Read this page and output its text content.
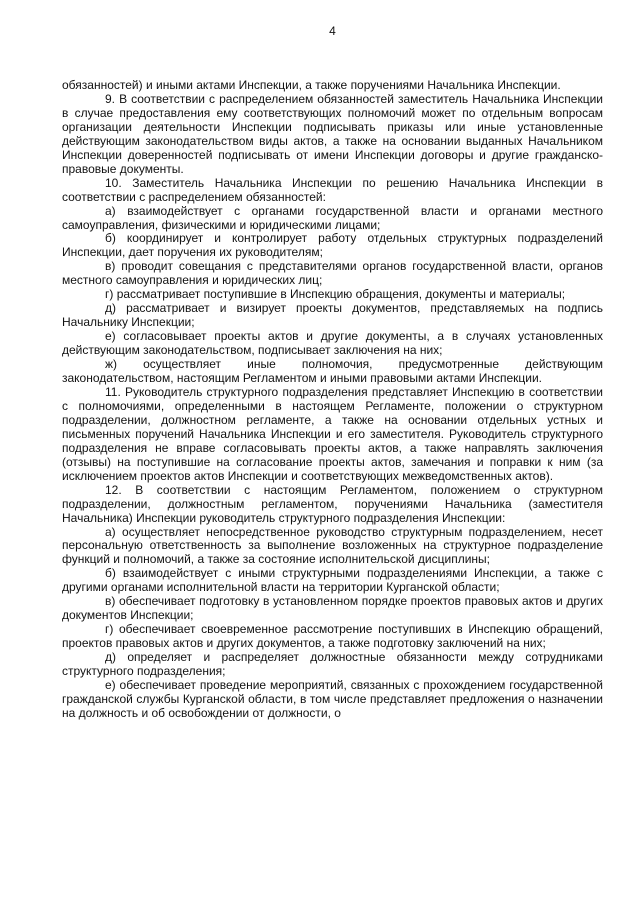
4

обязанностей) и иными актами Инспекции, а также поручениями Начальника Инспекции.

9. В соответствии с распределением обязанностей заместитель Начальника Инспекции в случае предоставления ему соответствующих полномочий может по отдельным вопросам организации деятельности Инспекции подписывать приказы или иные установленные действующим законодательством виды актов, а также на основании выданных Начальником Инспекции доверенностей подписывать от имени Инспекции договоры и другие гражданско-правовые документы.

10. Заместитель Начальника Инспекции по решению Начальника Инспекции в соответствии с распределением обязанностей:

а) взаимодействует с органами государственной власти и органами местного самоуправления, физическими и юридическими лицами;

б) координирует и контролирует работу отдельных структурных подразделений Инспекции, дает поручения их руководителям;

в) проводит совещания с представителями органов государственной власти, органов местного самоуправления и юридических лиц;

г) рассматривает поступившие в Инспекцию обращения, документы и материалы;

д) рассматривает и визирует проекты документов, представляемых на подпись Начальнику Инспекции;

е) согласовывает проекты актов и другие документы, а в случаях установленных действующим законодательством, подписывает заключения на них;

ж) осуществляет иные полномочия, предусмотренные действующим законодательством, настоящим Регламентом и иными правовыми актами Инспекции.

11. Руководитель структурного подразделения представляет Инспекцию в соответствии с полномочиями, определенными в настоящем Регламенте, положении о структурном подразделении, должностном регламенте, а также на основании отдельных устных и письменных поручений Начальника Инспекции и его заместителя. Руководитель структурного подразделения не вправе согласовывать проекты актов, а также направлять заключения (отзывы) на поступившие на согласование проекты актов, замечания и поправки к ним (за исключением проектов актов Инспекции и соответствующих межведомственных актов).

12. В соответствии с настоящим Регламентом, положением о структурном подразделении, должностным регламентом, поручениями Начальника (заместителя Начальника) Инспекции руководитель структурного подразделения Инспекции:

а) осуществляет непосредственное руководство структурным подразделением, несет персональную ответственность за выполнение возложенных на структурное подразделение функций и полномочий, а также за состояние исполнительской дисциплины;

б) взаимодействует с иными структурными подразделениями Инспекции, а также с другими органами исполнительной власти на территории Курганской области;

в) обеспечивает подготовку в установленном порядке проектов правовых актов и других документов Инспекции;

г) обеспечивает своевременное рассмотрение поступивших в Инспекцию обращений, проектов правовых актов и других документов, а также подготовку заключений на них;

д) определяет и распределяет должностные обязанности между сотрудниками структурного подразделения;

е) обеспечивает проведение мероприятий, связанных с прохождением государственной гражданской службы Курганской области, в том числе представляет предложения о назначении на должность и об освобождении от должности, о
